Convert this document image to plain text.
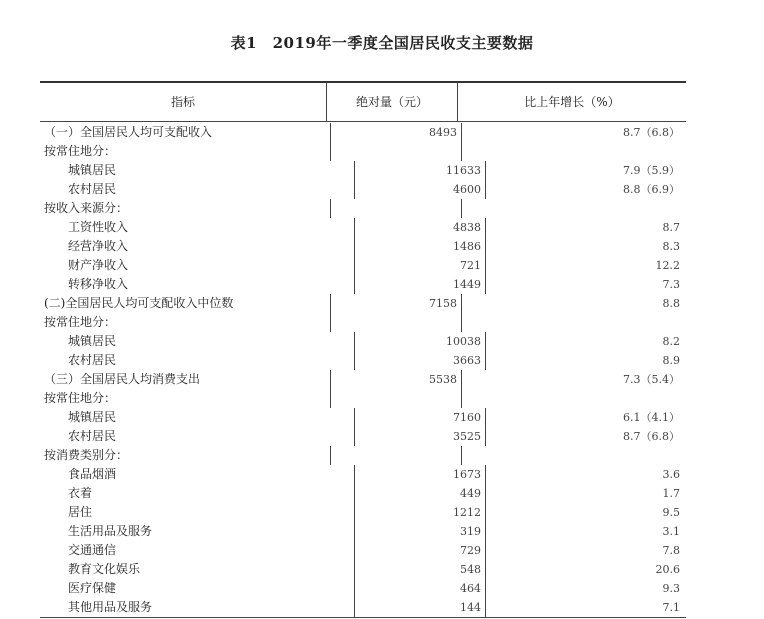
表1　2019年一季度全国居民收支主要数据
指标	绝对量（元）	比上年增长（%）
（一）全国居民人均可支配收入	8493	8.7（6.8）
按常住地分：
城镇居民	11633	7.9（5.9）
农村居民	4600	8.8（6.9）
按收入来源分：
工资性收入	4838	8.7
经营净收入	1486	8.3
财产净收入	721	12.2
转移净收入	1449	7.3
(二)全国居民人均可支配收入中位数	7158	8.8
按常住地分：
城镇居民	10038	8.2
农村居民	3663	8.9
（三）全国居民人均消费支出	5538	7.3（5.4）
按常住地分：
城镇居民	7160	6.1（4.1）
农村居民	3525	8.7（6.8）
按消费类别分：
食品烟酒	1673	3.6
衣着	449	1.7
居住	1212	9.5
生活用品及服务	319	3.1
交通通信	729	7.8
教育文化娱乐	548	20.6
医疗保健	464	9.3
其他用品及服务	144	7.1
